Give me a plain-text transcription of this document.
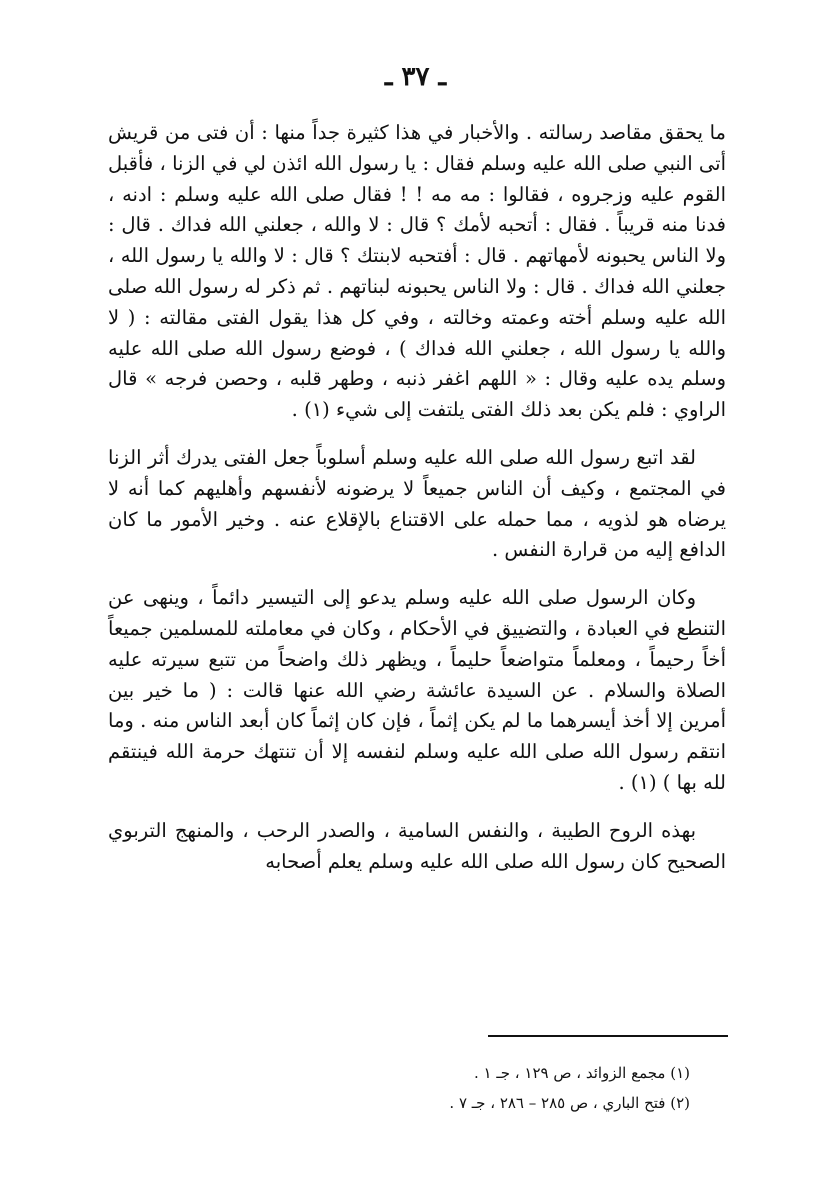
ـ ٣٧ ـ

ما يحقق مقاصد رسالته . والأخبار في هذا كثيرة جداً منها : أن فتى من قريش أتى النبي صلى الله عليه وسلم فقال : يا رسول الله ائذن لي في الزنا ، فأقبل القوم عليه وزجروه ، فقالوا : مه مه ! ! فقال صلى الله عليه وسلم : ادنه ، فدنا منه قريباً . فقال : أتحبه لأمك ؟ قال : لا والله ، جعلني الله فداك . قال : ولا الناس يحبونه لأمهاتهم . قال : أفتحبه لابنتك ؟ قال : لا والله يا رسول الله ، جعلني الله فداك . قال : ولا الناس يحبونه لبناتهم . ثم ذكر له رسول الله صلى الله عليه وسلم أخته وعمته وخالته ، وفي كل هذا يقول الفتى مقالته : ( لا والله يا رسول الله ، جعلني الله فداك ) ، فوضع رسول الله صلى الله عليه وسلم يده عليه وقال : « اللهم اغفر ذنبه ، وطهر قلبه ، وحصن فرجه » قال الراوي : فلم يكن بعد ذلك الفتى يلتفت إلى شيء (١) .

لقد اتبع رسول الله صلى الله عليه وسلم أسلوباً جعل الفتى يدرك أثر الزنا في المجتمع ، وكيف أن الناس جميعاً لا يرضونه لأنفسهم وأهليهم كما أنه لا يرضاه هو لذويه ، مما حمله على الاقتناع بالإقلاع عنه . وخير الأمور ما كان الدافع إليه من قرارة النفس .

وكان الرسول صلى الله عليه وسلم يدعو إلى التيسير دائماً ، وينهى عن التنطع في العبادة ، والتضييق في الأحكام ، وكان في معاملته للمسلمين جميعاً أخاً رحيماً ، ومعلماً متواضعاً حليماً ، ويظهر ذلك واضحاً من تتبع سيرته عليه الصلاة والسلام . عن السيدة عائشة رضي الله عنها قالت : ( ما خير بين أمرين إلا أخذ أيسرهما ما لم يكن إثماً ، فإن كان إثماً كان أبعد الناس منه . وما انتقم رسول الله صلى الله عليه وسلم لنفسه إلا أن تنتهك حرمة الله فينتقم لله بها ) (١) .

بهذه الروح الطيبة ، والنفس السامية ، والصدر الرحب ، والمنهج التربوي الصحيح كان رسول الله صلى الله عليه وسلم يعلم أصحابه

(١) مجمع الزوائد ، ص ١٢٩ ، جـ ١ .
(٢) فتح الباري ، ص ٢٨٥ – ٢٨٦ ، جـ ٧ .
